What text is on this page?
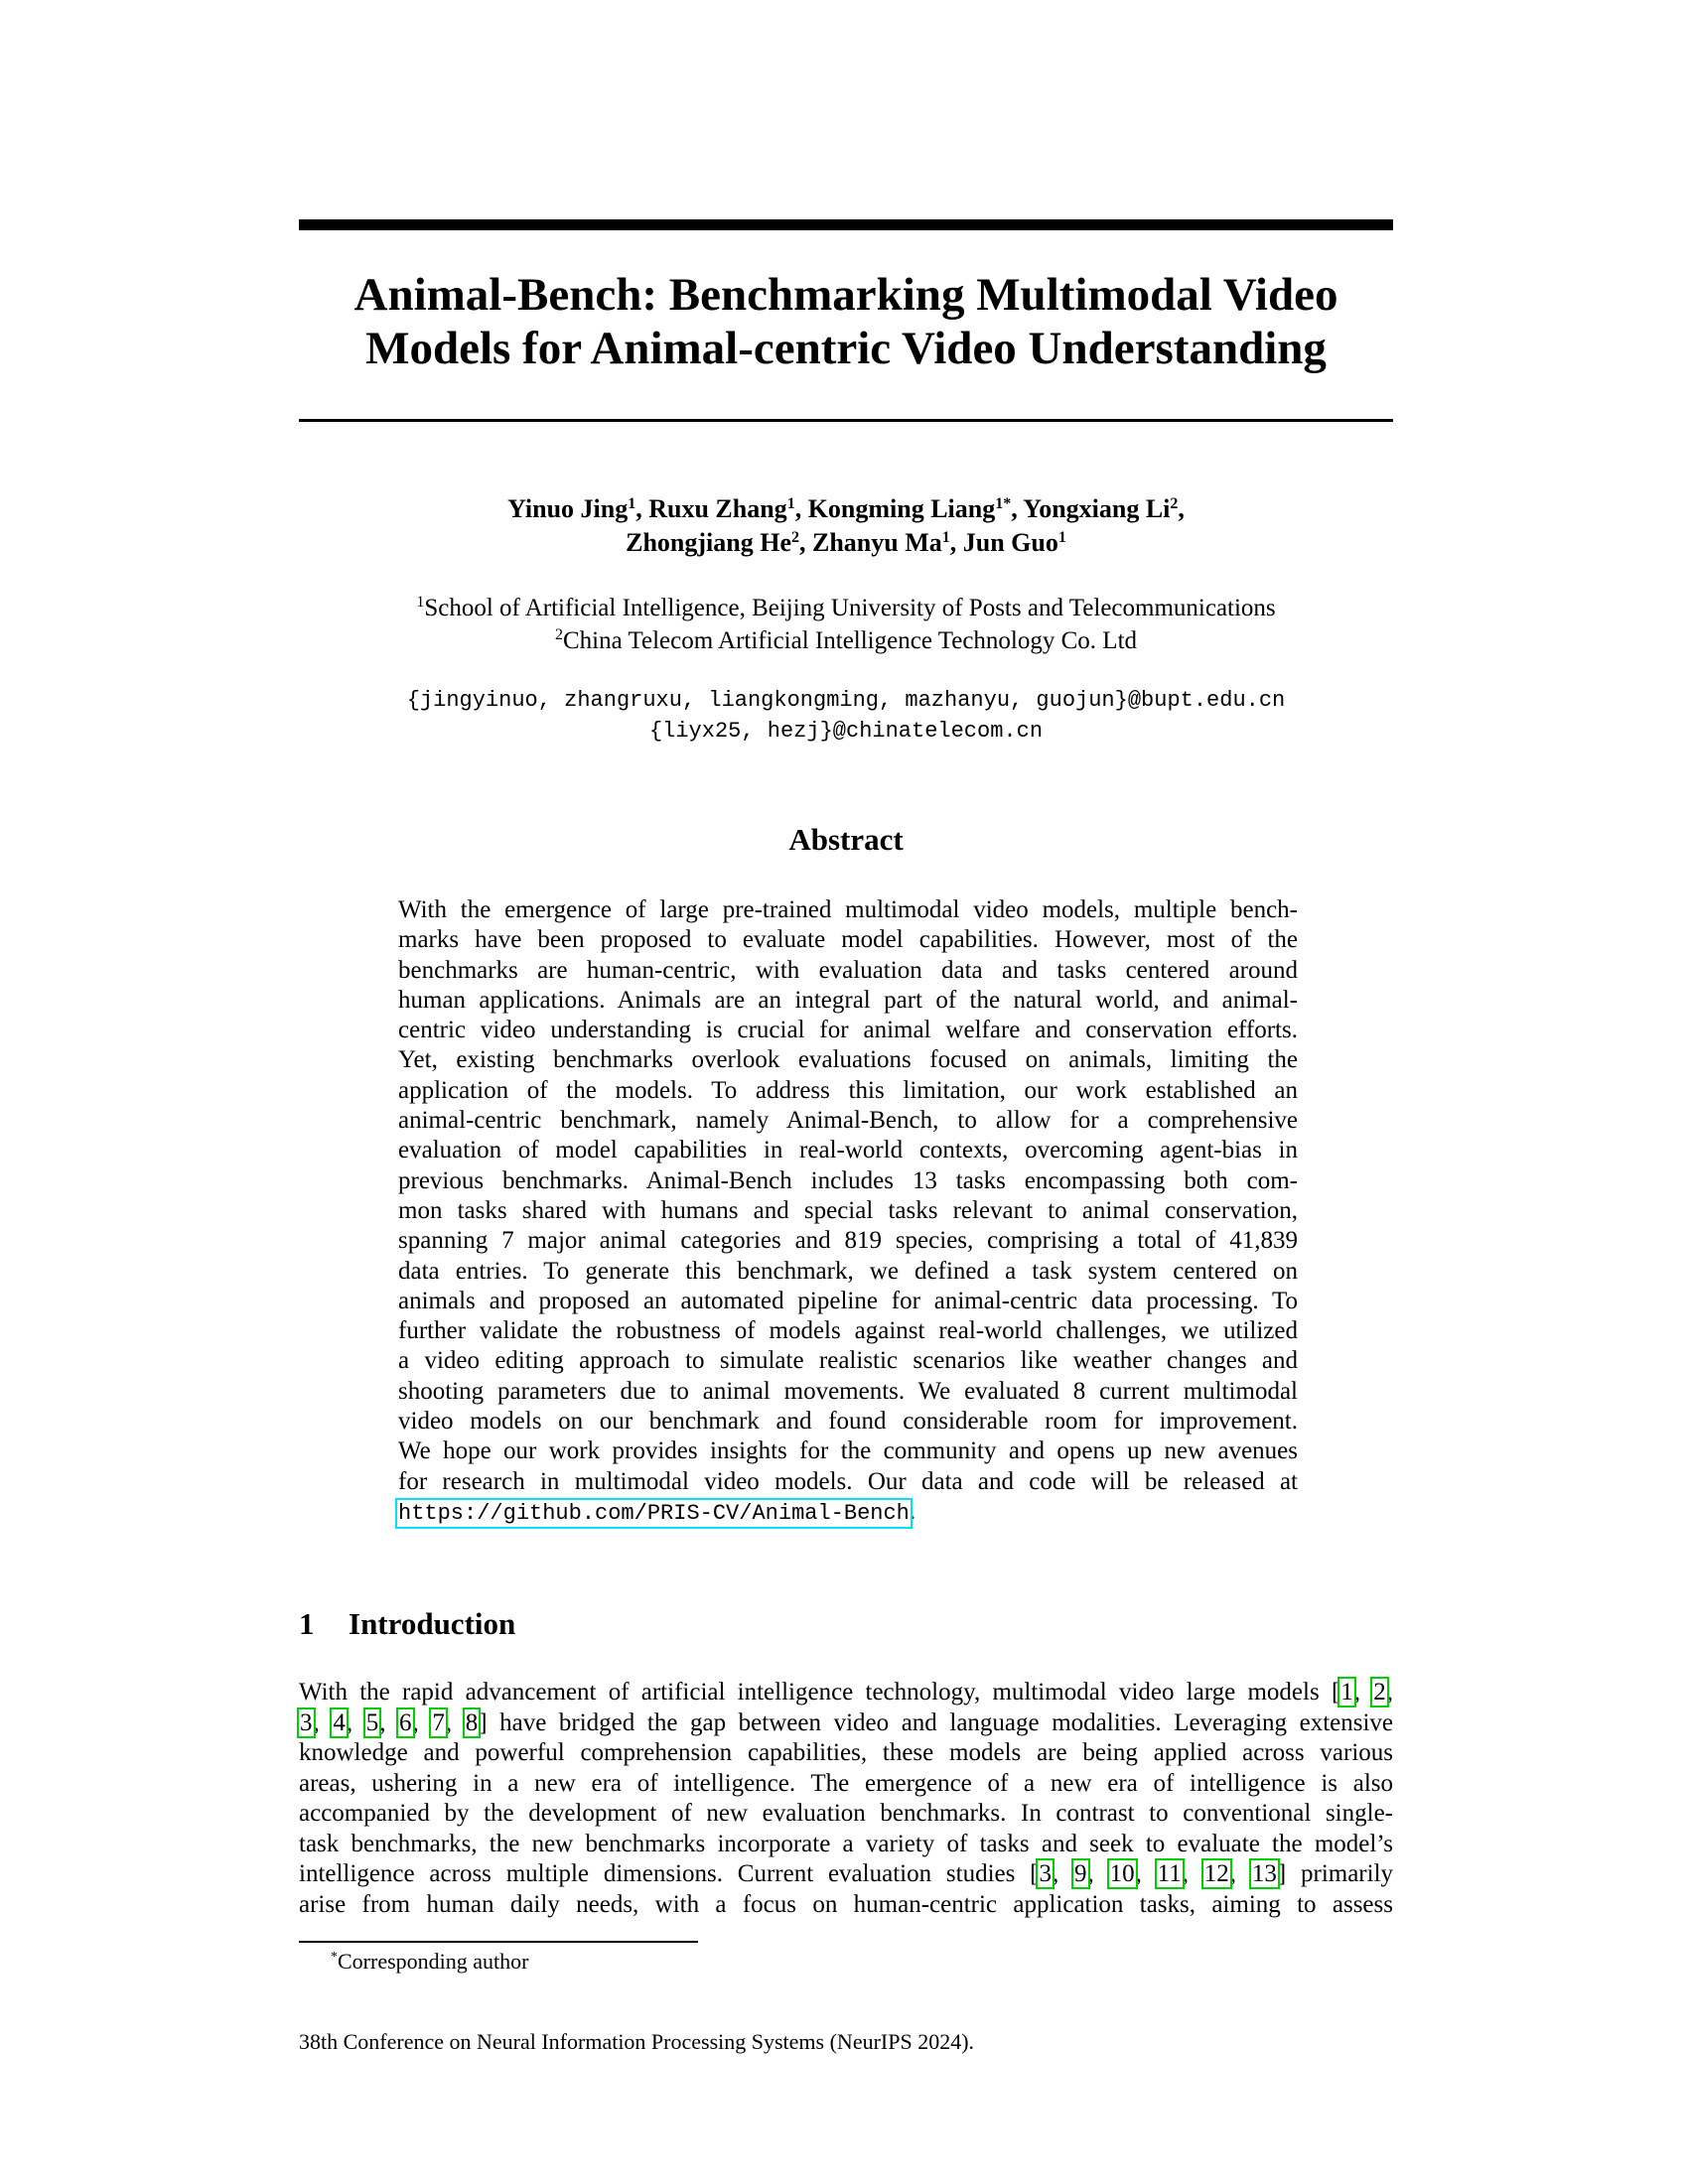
Animal-Bench: Benchmarking Multimodal Video
Models for Animal-centric Video Understanding
Yinuo Jing$^1$, Ruxu Zhang$^1$, Kongming Liang$^{1*}$, Yongxiang Li$^2$,
Zhongjiang He$^2$, Zhanyu Ma$^1$, Jun Guo$^1$
$^1$School of Artificial Intelligence, Beijing University of Posts and Telecommunications
$^2$China Telecom Artificial Intelligence Technology Co. Ltd
{jingyinuo, zhangruxu, liangkongming, mazhanyu, guojun}@bupt.edu.cn
{liyx25, hezj}@chinatelecom.cn
Abstract
With the emergence of large pre-trained multimodal video models, multiple bench-
marks have been proposed to evaluate model capabilities. However, most of the
benchmarks are human-centric, with evaluation data and tasks centered around
human applications. Animals are an integral part of the natural world, and animal-
centric video understanding is crucial for animal welfare and conservation efforts.
Yet, existing benchmarks overlook evaluations focused on animals, limiting the
application of the models. To address this limitation, our work established an
animal-centric benchmark, namely Animal-Bench, to allow for a comprehensive
evaluation of model capabilities in real-world contexts, overcoming agent-bias in
previous benchmarks. Animal-Bench includes 13 tasks encompassing both com-
mon tasks shared with humans and special tasks relevant to animal conservation,
spanning 7 major animal categories and 819 species, comprising a total of 41,839
data entries. To generate this benchmark, we defined a task system centered on
animals and proposed an automated pipeline for animal-centric data processing. To
further validate the robustness of models against real-world challenges, we utilized
a video editing approach to simulate realistic scenarios like weather changes and
shooting parameters due to animal movements. We evaluated 8 current multimodal
video models on our benchmark and found considerable room for improvement.
We hope our work provides insights for the community and opens up new avenues
for research in multimodal video models. Our data and code will be released at
https://github.com/PRIS-CV/Animal-Bench.
1 Introduction
With the rapid advancement of artificial intelligence technology, multimodal video large models [1, 2,
3, 4, 5, 6, 7, 8] have bridged the gap between video and language modalities. Leveraging extensive
knowledge and powerful comprehension capabilities, these models are being applied across various
areas, ushering in a new era of intelligence. The emergence of a new era of intelligence is also
accompanied by the development of new evaluation benchmarks. In contrast to conventional single-
task benchmarks, the new benchmarks incorporate a variety of tasks and seek to evaluate the model’s
intelligence across multiple dimensions. Current evaluation studies [3, 9, 10, 11, 12, 13] primarily
arise from human daily needs, with a focus on human-centric application tasks, aiming to assess
*Corresponding author
38th Conference on Neural Information Processing Systems (NeurIPS 2024).
